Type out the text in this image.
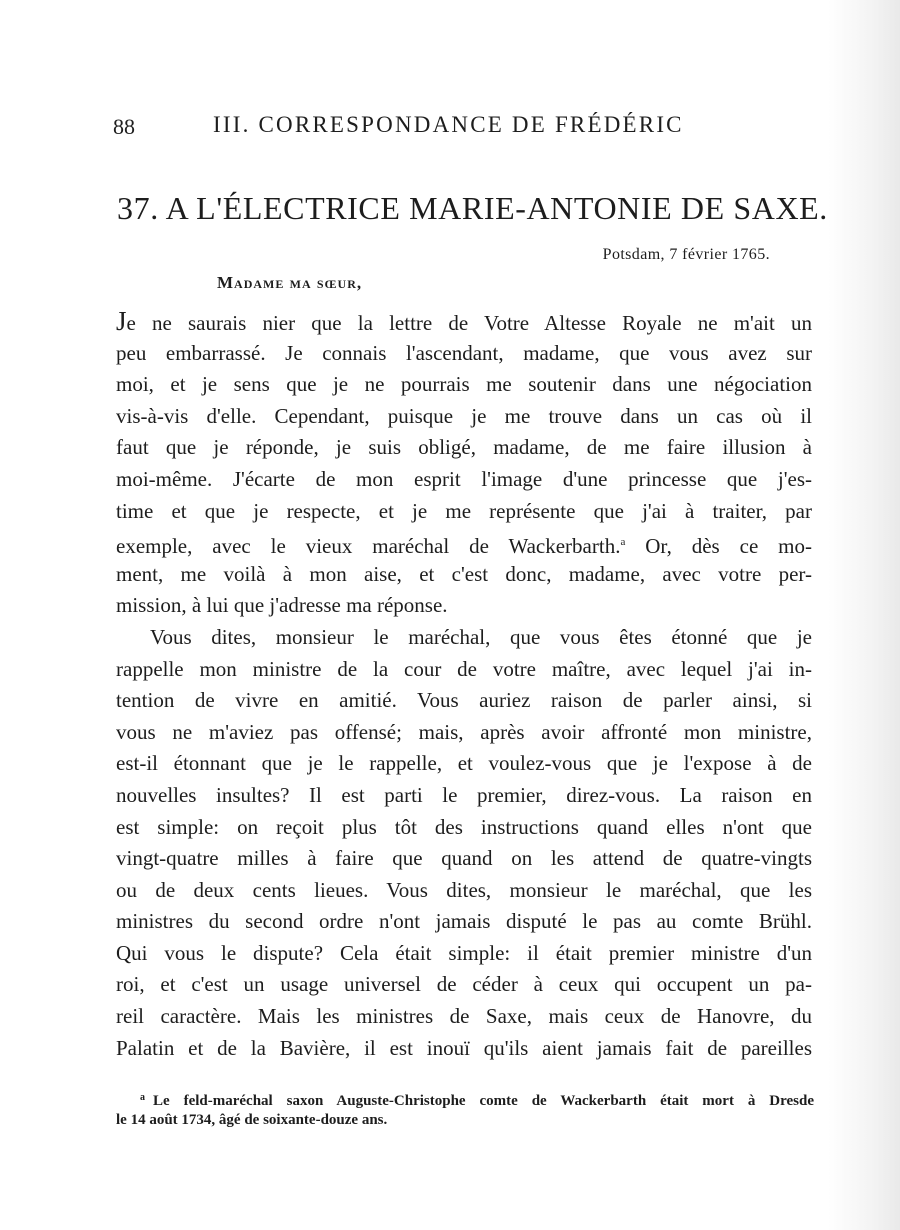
88	III. CORRESPONDANCE DE FRÉDÉRIC
37. A L'ÉLECTRICE MARIE-ANTONIE DE SAXE.
Potsdam, 7 février 1765.
Madame ma sœur,
Je ne saurais nier que la lettre de Votre Altesse Royale ne m'ait un
peu embarrassé. Je connais l'ascendant, madame, que vous avez sur
moi, et je sens que je ne pourrais me soutenir dans une négociation
vis-à-vis d'elle. Cependant, puisque je me trouve dans un cas où il
faut que je réponde, je suis obligé, madame, de me faire illusion à
moi-même. J'écarte de mon esprit l'image d'une princesse que j'es-
time et que je respecte, et je me représente que j'ai à traiter, par
exemple, avec le vieux maréchal de Wackerbarth.$^a$ Or, dès ce mo-
ment, me voilà à mon aise, et c'est donc, madame, avec votre per-
mission, à lui que j'adresse ma réponse.
Vous dites, monsieur le maréchal, que vous êtes étonné que je
rappelle mon ministre de la cour de votre maître, avec lequel j'ai in-
tention de vivre en amitié. Vous auriez raison de parler ainsi, si
vous ne m'aviez pas offensé; mais, après avoir affronté mon ministre,
est-il étonnant que je le rappelle, et voulez-vous que je l'expose à de
nouvelles insultes? Il est parti le premier, direz-vous. La raison en
est simple: on reçoit plus tôt des instructions quand elles n'ont que
vingt-quatre milles à faire que quand on les attend de quatre-vingts
ou de deux cents lieues. Vous dites, monsieur le maréchal, que les
ministres du second ordre n'ont jamais disputé le pas au comte Brühl.
Qui vous le dispute? Cela était simple: il était premier ministre d'un
roi, et c'est un usage universel de céder à ceux qui occupent un pa-
reil caractère. Mais les ministres de Saxe, mais ceux de Hanovre, du
Palatin et de la Bavière, il est inouï qu'ils aient jamais fait de pareilles
$^a$ Le feld-maréchal saxon Auguste-Christophe comte de Wackerbarth était mort à Dresde
le 14 août 1734, âgé de soixante-douze ans.
